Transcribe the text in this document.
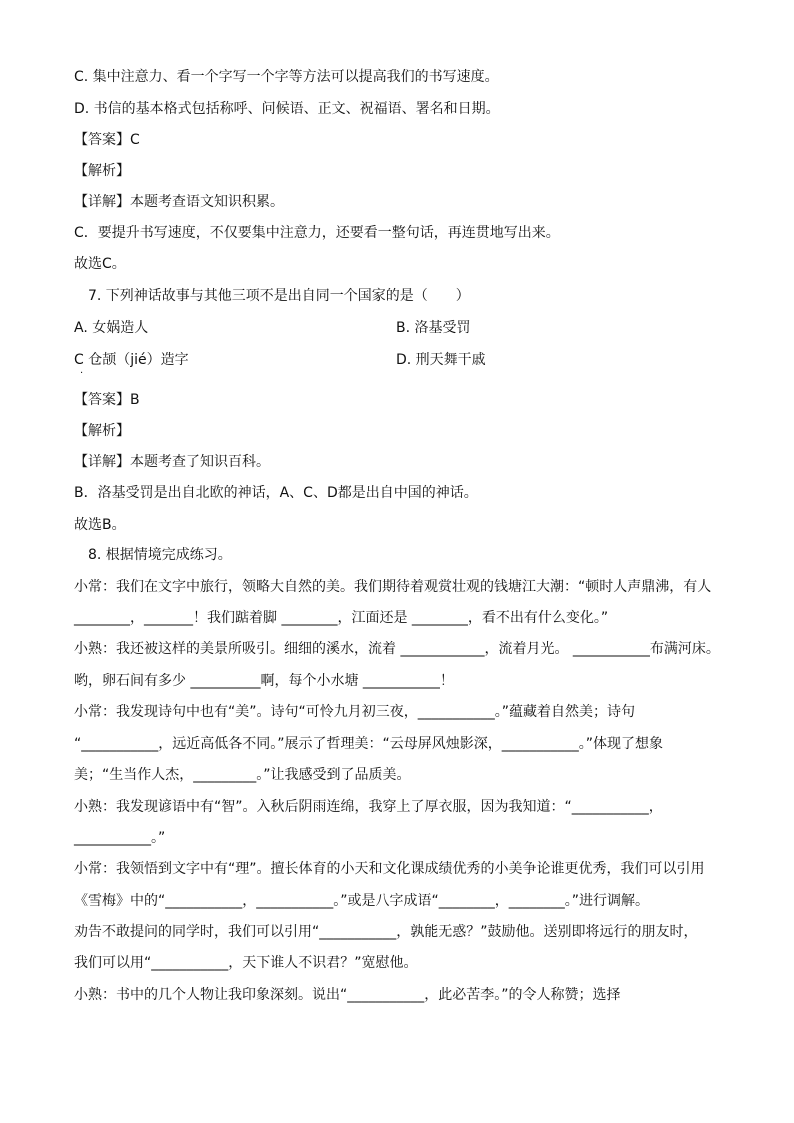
C. 集中注意力、看一个字写一个字等方法可以提高我们的书写速度。
D. 书信的基本格式包括称呼、问候语、正文、祝福语、署名和日期。
【答案】C
【解析】
【详解】本题考查语文知识积累。
C．要提升书写速度，不仅要集中注意力，还要看一整句话，再连贯地写出来。
故选C。
7. 下列神话故事与其他三项不是出自同一个国家的是（　　）
A. 女娲造人	B. 洛基受罚
C 仓颉（jié）造字	D. 刑天舞干戚
·
【答案】B
【解析】
【详解】本题考查了知识百科。
B．洛基受罚是出自北欧的神话，A、C、D都是出自中国的神话。
故选B。
8. 根据情境完成练习。
小常：我们在文字中旅行，领略大自然的美。我们期待着观赏壮观的钱塘江大潮：“顿时人声鼎沸，有人
________，_______！我们踮着脚 ________，江面还是 ________，看不出有什么变化。”
小熟：我还被这样的美景所吸引。细细的溪水，流着 ____________，流着月光。 ___________布满河床。
哟，卵石间有多少 __________啊，每个小水塘 ___________！
小常：我发现诗句中也有“美”。诗句“可怜九月初三夜，___________。”蕴藏着自然美；诗句
“___________，远近高低各不同。”展示了哲理美：“云母屏风烛影深，___________。”体现了想象
美；“生当作人杰，_________。”让我感受到了品质美。
小熟：我发现谚语中有“智”。入秋后阴雨连绵，我穿上了厚衣服，因为我知道：“___________，
___________。”
小常：我领悟到文字中有“理”。擅长体育的小天和文化课成绩优秀的小美争论谁更优秀，我们可以引用
《雪梅》中的“___________，___________。”或是八字成语“________，________。”进行调解。
劝告不敢提问的同学时，我们可以引用“___________，孰能无惑？”鼓励他。送别即将远行的朋友时，
我们可以用“___________，天下谁人不识君？”宽慰他。
小熟：书中的几个人物让我印象深刻。说出“___________，此必苦李。”的令人称赞；选择
